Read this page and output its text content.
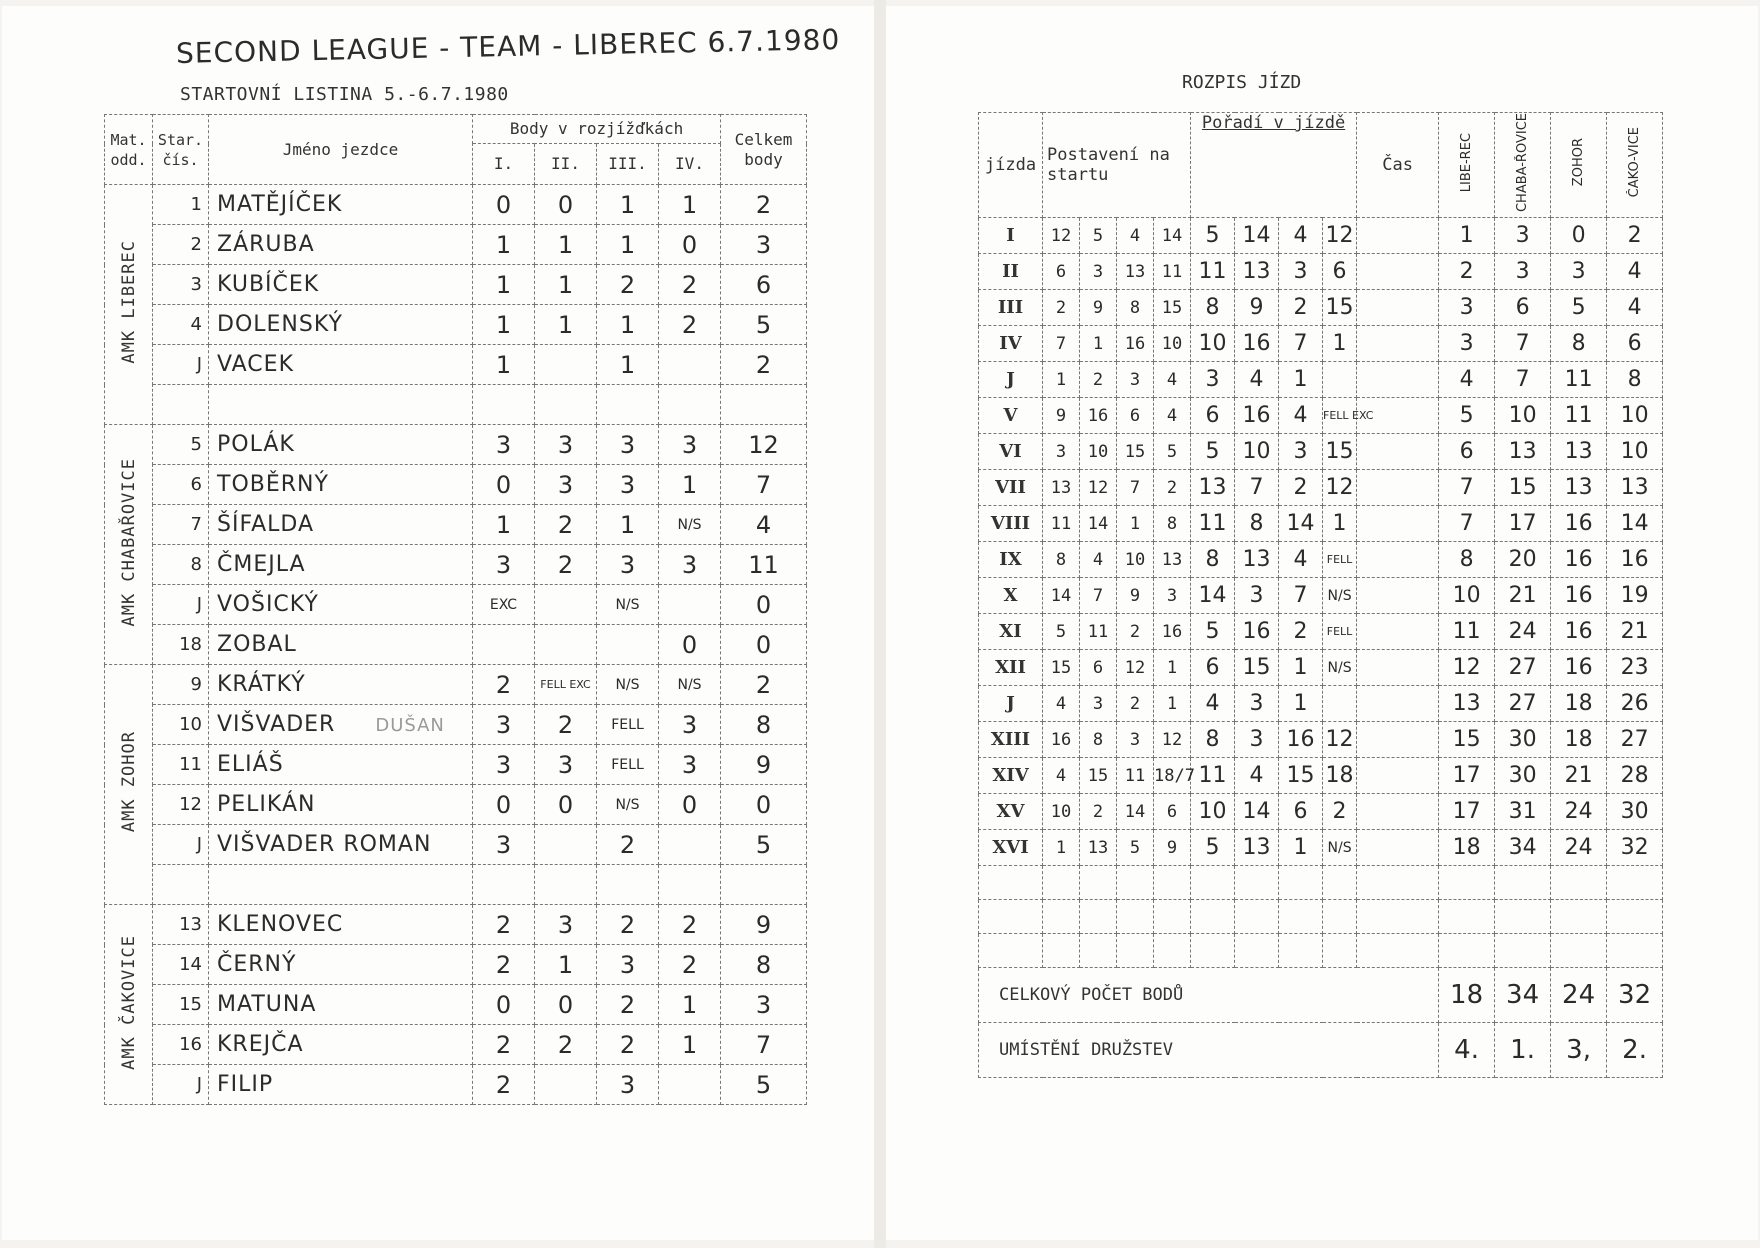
SECOND LEAGUE - TEAM - LIBEREC 6.7.1980
STARTOVNÍ LISTINA 5.-6.7.1980
ROZPIS JÍZD
Mat. odd.	Star. čís.	Jméno jezdce	Body v rozjížďkách				Celkem body
			I.	II.	III.	IV.	
AMK LIBEREC	1	MATĚJÍČEK	0	0	1	1	2
	2	ZÁRUBA	1	1	1	0	3
	3	KUBÍČEK	1	1	2	2	6
	4	DOLENSKÝ	1	1	1	2	5
	J	VACEK	1		1		2

AMK CHABAŘOVICE	5	POLÁK	3	3	3	3	12
	6	TOBĚRNÝ	0	3	3	1	7
	7	ŠÍFALDA	1	2	1	N/S	4
	8	ČMEJLA	3	2	3	3	11
	J	VOŠICKÝ	EXC		N/S		0
	18	ZOBAL				0	0
AMK ZOHOR	9	KRÁTKÝ	2	FELL EXC	N/S	N/S	2
	10	VIŠVADER DUŠAN	3	2	FELL	3	8
	11	ELIÁŠ	3	3	FELL	3	9
	12	PELIKÁN	0	0	N/S	0	0
	J	VIŠVADER ROMAN	3		2		5

AMK ČAKOVICE	13	KLENOVEC	2	3	2	2	9
	14	ČERNÝ	2	1	3	2	8
	15	MATUNA	0	0	2	1	3
	16	KREJČA	2	2	2	1	7
	J	FILIP	2		3		5
jízda	Postavení na startu				Pořadí v jízdě				Čas	LIBE-REC	CHABA-ŘOVICE	ZOHOR	ČAKO-VICE
I	12	5	4	14	5	14	4	12		1	3	0	2
II	6	3	13	11	11	13	3	6		2	3	3	4
III	2	9	8	15	8	9	2	15		3	6	5	4
IV	7	1	16	10	10	16	7	1		3	7	8	6
J	1	2	3	4	3	4	1			4	7	11	8
V	9	16	6	4	6	16	4	FELL EXC		5	10	11	10
VI	3	10	15	5	5	10	3	15		6	13	13	10
VII	13	12	7	2	13	7	2	12		7	15	13	13
VIII	11	14	1	8	11	8	14	1		7	17	16	14
IX	8	4	10	13	8	13	4	FELL		8	20	16	16
X	14	7	9	3	14	3	7	N/S		10	21	16	19
XI	5	11	2	16	5	16	2	FELL		11	24	16	21
XII	15	6	12	1	6	15	1	N/S		12	27	16	23
J	4	3	2	1	4	3	1			13	27	18	26
XIII	16	8	3	12	8	3	16	12		15	30	18	27
XIV	4	15	11	18/7	11	4	15	18		17	30	21	28
XV	10	2	14	6	10	14	6	2		17	31	24	30
XVI	1	13	5	9	5	13	1	N/S		18	34	24	32

CELKOVÝ POČET BODŮ										18	34	24	32
UMÍSTĚNÍ DRUŽSTEV										4.	1.	3,	2.
